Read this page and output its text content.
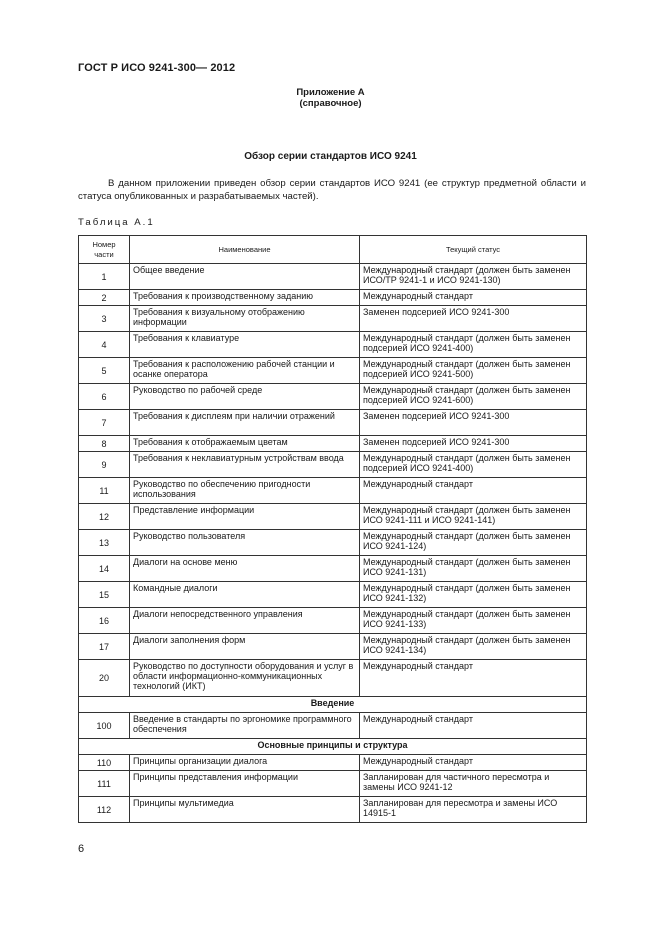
ГОСТ Р ИСО 9241-300— 2012
Приложение А
(справочное)
Обзор серии стандартов ИСО 9241

В данном приложении приведен обзор серии стандартов ИСО 9241 (ее структур предметной области и статуса опубликованных и разрабатываемых частей).

Таблица А.1
Номер части	Наименование	Текущий статус
1	Общее введение	Международный стандарт (должен быть заменен ИСО/TP 9241-1 и ИСО 9241-130)
2	Требования к производственному заданию	Международный стандарт
3	Требования к визуальному отображению информации	Заменен подсерией ИСО 9241-300
4	Требования к клавиатуре	Международный стандарт (должен быть заменен подсерией ИСО 9241-400)
5	Требования к расположению рабочей станции и осанке оператора	Международный стандарт (должен быть заменен подсерией ИСО 9241-500)
6	Руководство по рабочей среде	Международный стандарт (должен быть заменен подсерией ИСО 9241-600)
7	Требования к дисплеям при наличии отражений	Заменен подсерией ИСО 9241-300
8	Требования к отображаемым цветам	Заменен подсерией ИСО 9241-300
9	Требования к неклавиатурным устройствам ввода	Международный стандарт (должен быть заменен подсерией ИСО 9241-400)
11	Руководство по обеспечению пригодности использования	Международный стандарт
12	Представление информации	Международный стандарт (должен быть заменен ИСО 9241-111 и ИСО 9241-141)
13	Руководство пользователя	Международный стандарт (должен быть заменен ИСО 9241-124)
14	Диалоги на основе меню	Международный стандарт (должен быть заменен ИСО 9241-131)
15	Командные диалоги	Международный стандарт (должен быть заменен ИСО 9241-132)
16	Диалоги непосредственного управления	Международный стандарт (должен быть заменен ИСО 9241-133)
17	Диалоги заполнения форм	Международный стандарт (должен быть заменен ИСО 9241-134)
20	Руководство по доступности оборудования и услуг в области информационно-коммуникационных технологий (ИКТ)	Международный стандарт
Введение		
100	Введение в стандарты по эргономике программного обеспечения	Международный стандарт
Основные принципы и структура		
110	Принципы организации диалога	Международный стандарт
111	Принципы представления информации	Запланирован для частичного пересмотра и замены ИСО 9241-12
112	Принципы мультимедиа	Запланирован для пересмотра и замены ИСО 14915-1
6
